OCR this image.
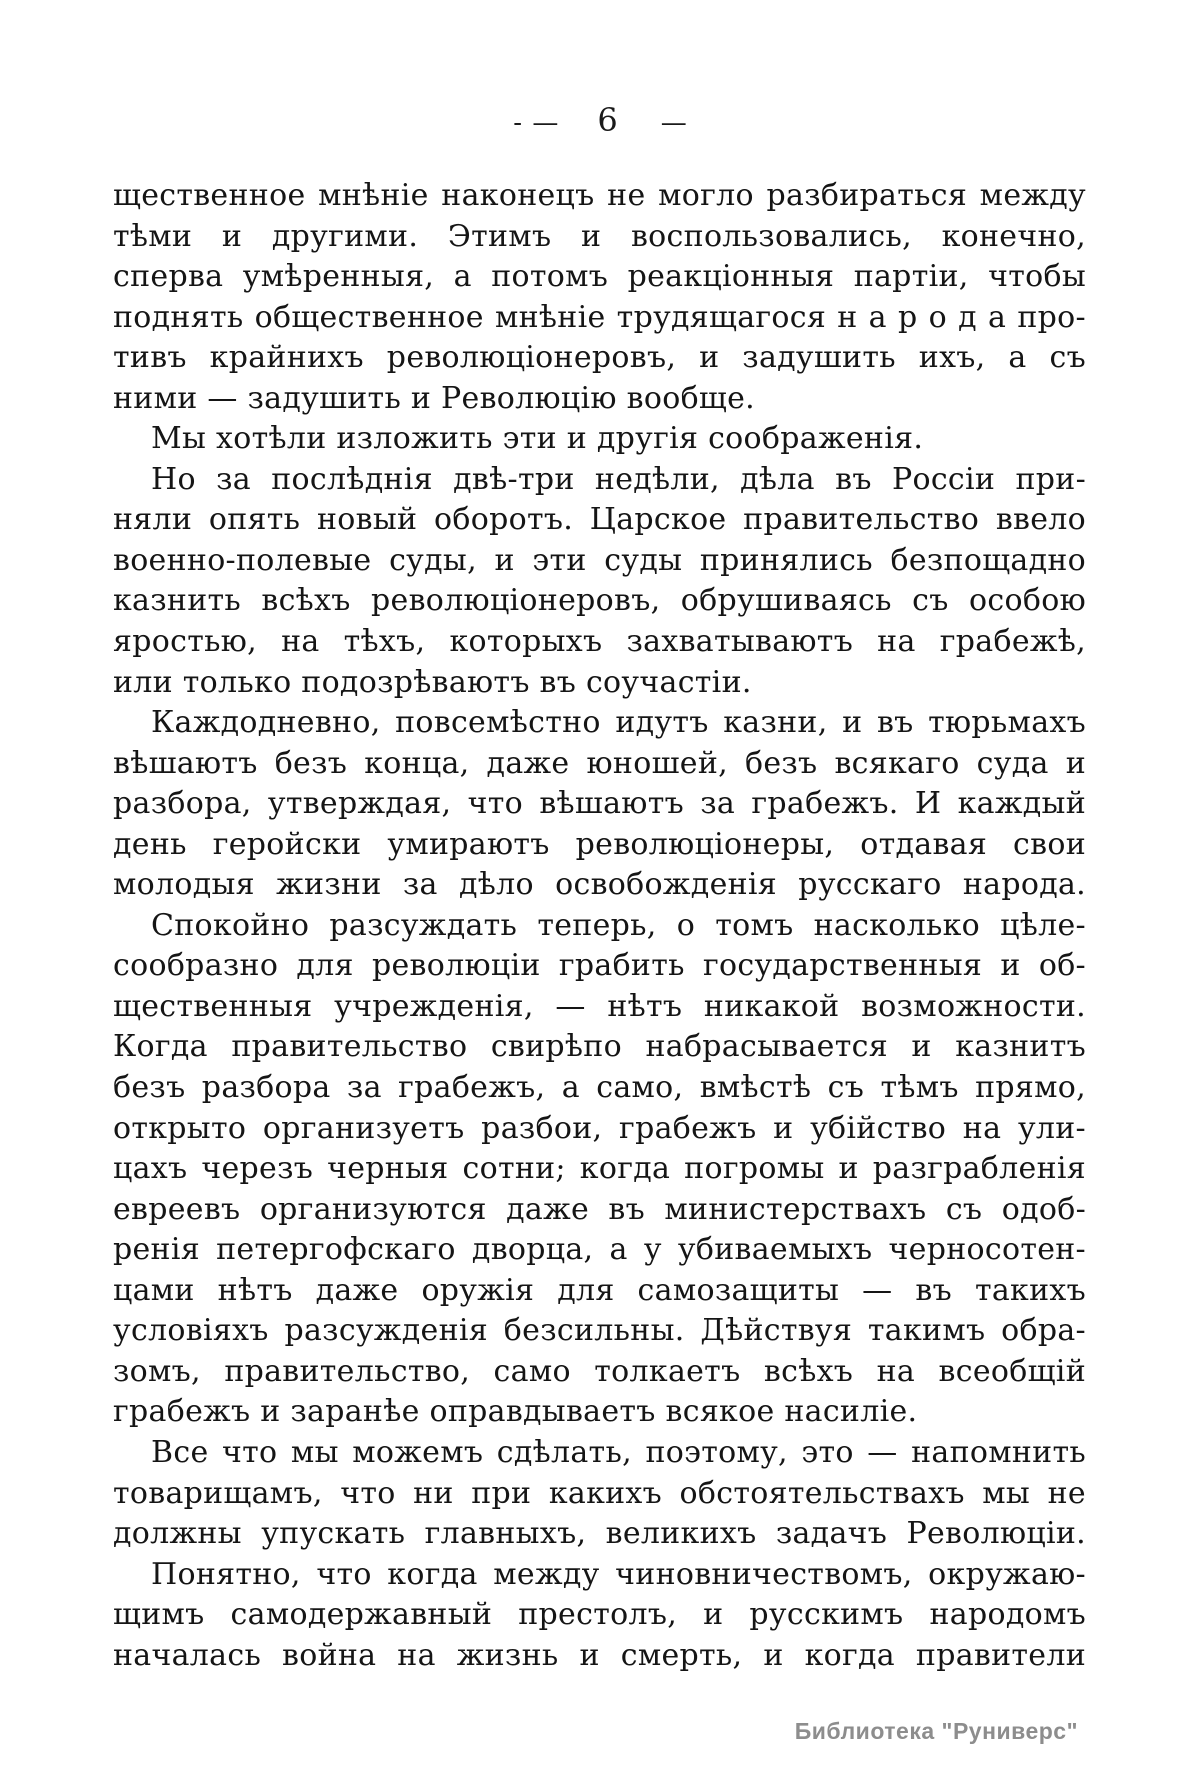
- — 6 —
щественное мнѣніе наконецъ не могло разбираться между
тѣми и другими. Этимъ и воспользовались, конечно,
сперва умѣренныя, а потомъ реакціонныя партіи, чтобы
поднять общественное мнѣніе трудящагося н а р о д а про-
тивъ крайнихъ революціонеровъ, и задушить ихъ, а съ
ними — задушить и Революцію вообще.
Мы хотѣли изложить эти и другія соображенія.
Но за послѣднія двѣ-три недѣли, дѣла въ Россіи при-
няли опять новый оборотъ. Царское правительство ввело
военно-полевые суды, и эти суды принялись безпощадно
казнить всѣхъ революціонеровъ, обрушиваясь съ особою
яростью, на тѣхъ, которыхъ захватываютъ на грабежѣ,
или только подозрѣваютъ въ соучастіи.
Каждодневно, повсемѣстно идутъ казни, и въ тюрьмахъ
вѣшаютъ безъ конца, даже юношей, безъ всякаго суда и
разбора, утверждая, что вѣшаютъ за грабежъ. И каждый
день геройски умираютъ революціонеры, отдавая свои
молодыя жизни за дѣло освобожденія русскаго народа.
Спокойно разсуждать теперь, о томъ насколько цѣле-
сообразно для революціи грабить государственныя и об-
щественныя учрежденія, — нѣтъ никакой возможности.
Когда правительство свирѣпо набрасывается и казнитъ
безъ разбора за грабежъ, а само, вмѣстѣ съ тѣмъ прямо,
открыто организуетъ разбои, грабежъ и убійство на ули-
цахъ черезъ черныя сотни; когда погромы и разграбленія
евреевъ организуются даже въ министерствахъ съ одоб-
ренія петергофскаго дворца, а у убиваемыхъ черносотен-
цами нѣтъ даже оружія для самозащиты — въ такихъ
условіяхъ разсужденія безсильны. Дѣйствуя такимъ обра-
зомъ, правительство, само толкаетъ всѣхъ на всеобщій
грабежъ и заранѣе оправдываетъ всякое насиліе.
Все что мы можемъ сдѣлать, поэтому, это — напомнить
товарищамъ, что ни при какихъ обстоятельствахъ мы не
должны упускать главныхъ, великихъ задачъ Революціи.
Понятно, что когда между чиновничествомъ, окружаю-
щимъ самодержавный престолъ, и русскимъ народомъ
началась война на жизнь и смерть, и когда правители
Библиотека "Руниверс"
